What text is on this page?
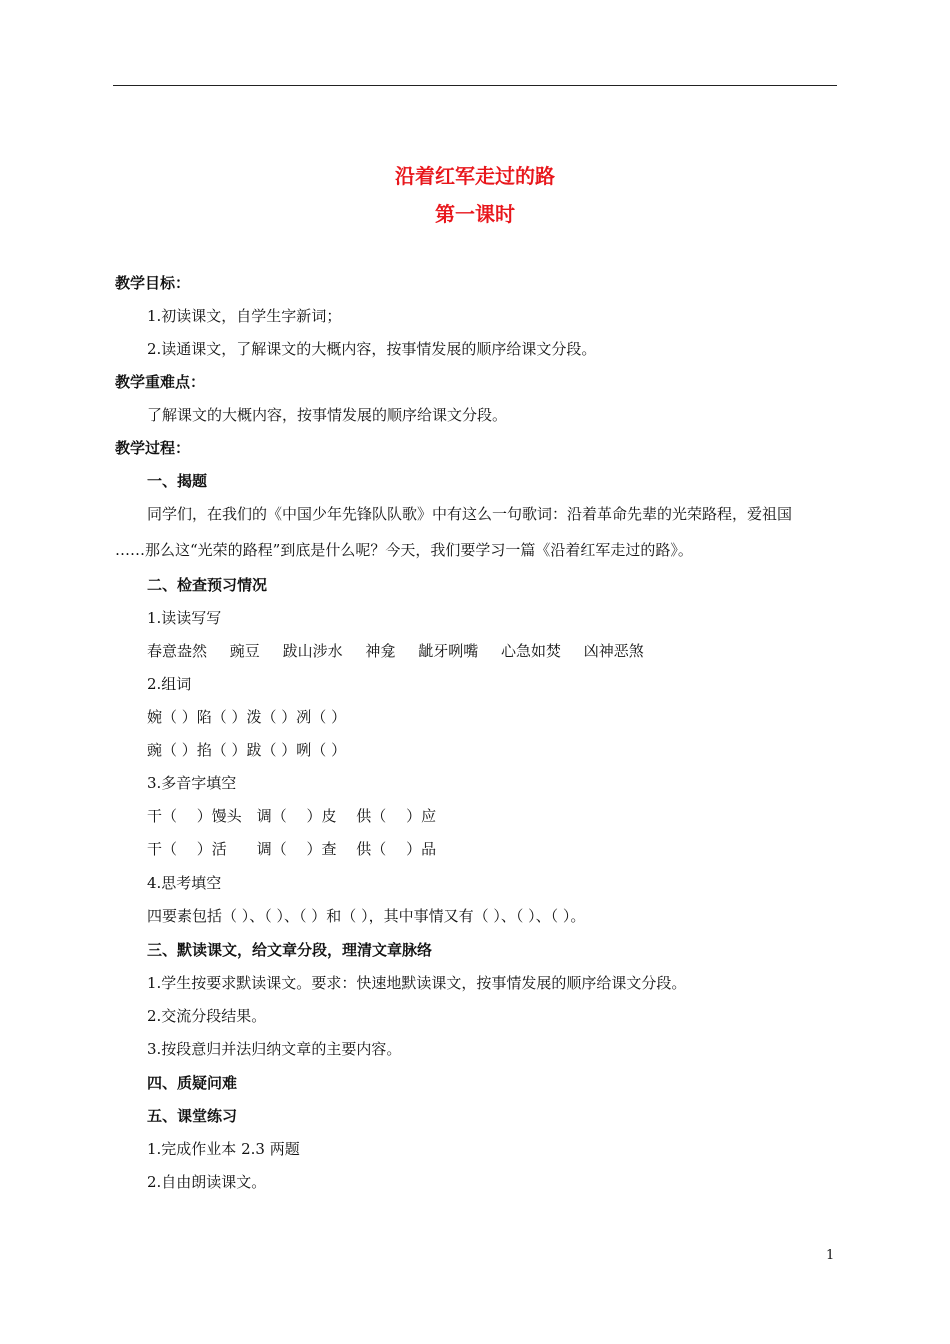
沿着红军走过的路
第一课时
教学目标：
1.初读课文，自学生字新词；
2.读通课文，了解课文的大概内容，按事情发展的顺序给课文分段。
教学重难点：
了解课文的大概内容，按事情发展的顺序给课文分段。
教学过程：
一、揭题
同学们，在我们的《中国少年先锋队队歌》中有这么一句歌词：沿着革命先辈的光荣路程，爱祖国
……那么这“光荣的路程”到底是什么呢？今天，我们要学习一篇《沿着红军走过的路》。
二、检查预习情况
1.读读写写
春意盎然 豌豆 跋山涉水 神龛 龇牙咧嘴 心急如焚 凶神恶煞
2.组词
婉（ ）陷（ ）泼（ ）冽（ ）
豌（ ）掐（ ）跋（ ）咧（ ）
3.多音字填空
干（　 ）馒头　调（　 ）皮　 供（　 ）应
干（　 ）活　　调（　 ）查　 供（　 ）品
4.思考填空
四要素包括（ ）、（ ）、（ ）和（ ），其中事情又有（ ）、（ ）、（ ）。
三、默读课文，给文章分段，理清文章脉络
1.学生按要求默读课文。要求：快速地默读课文，按事情发展的顺序给课文分段。
2.交流分段结果。
3.按段意归并法归纳文章的主要内容。
四、质疑问难
五、课堂练习
1.完成作业本 2.3 两题
2.自由朗读课文。
1
